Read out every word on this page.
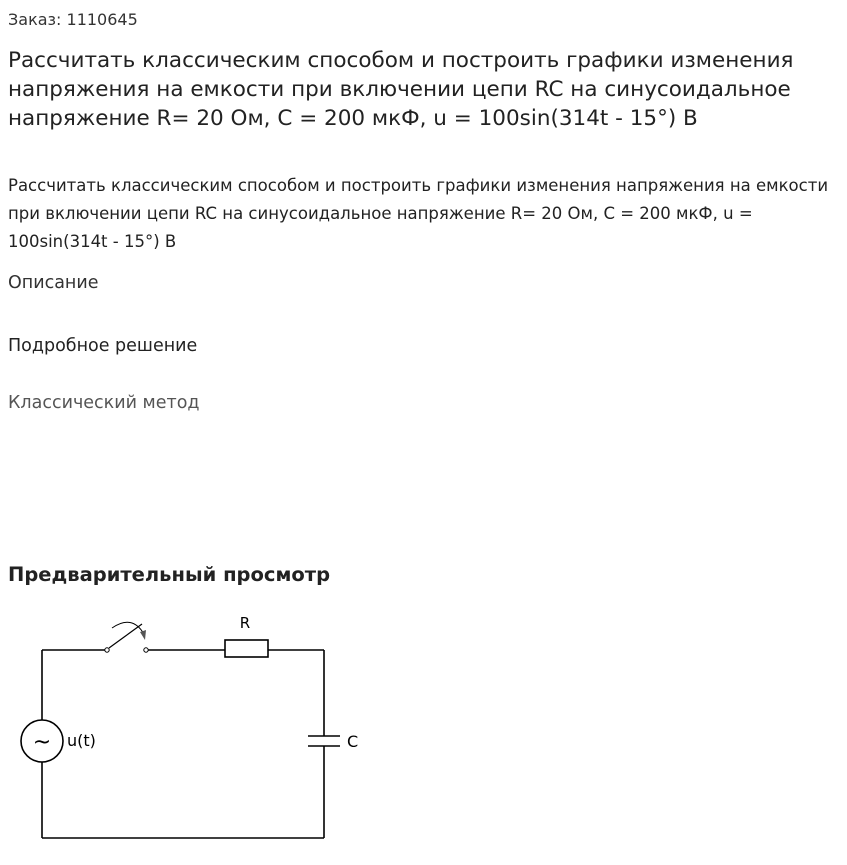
Заказ: 1110645
Рассчитать классическим способом и построить графики изменения напряжения на емкости при включении цепи RC на синусоидальное напряжение R= 20 Ом, С = 200 мкФ, u = 100sin(314t - 15°) В
Рассчитать классическим способом и построить графики изменения напряжения на емкости при включении цепи RC на синусоидальное напряжение R= 20 Ом, С = 200 мкФ, u = 100sin(314t - 15°) В
Описание
Подробное решение
Классический метод
Предварительный просмотр
~ u(t)
R
C
